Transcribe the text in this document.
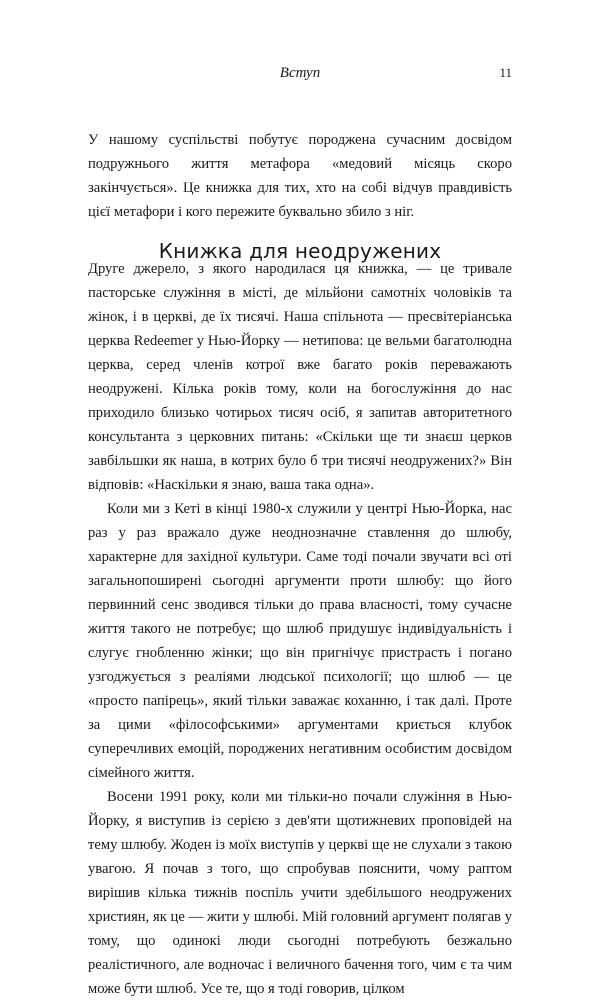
Вступ	11

У нашому суспільстві побутує породжена сучасним досвідом подружнього життя метафора «медовий місяць скоро закінчується». Це книжка для тих, хто на собі відчув правдивість цієї метафори і кого пережите буквально збило з ніг.

Книжка для неодружених

Друге джерело, з якого народилася ця книжка, — це тривале пасторське служіння в місті, де мільйони самотніх чоловіків та жінок, і в церкві, де їх тисячі. Наша спільнота — пресвітеріанська церква Redeemer у Нью-Йорку — нетипова: це вельми багатолюдна церква, серед членів котрої вже багато років переважають неодружені. Кілька років тому, коли на богослужіння до нас приходило близько чотирьох тисяч осіб, я запитав авторитетного консультанта з церковних питань: «Скільки ще ти знаєш церков завбільшки як наша, в котрих було б три тисячі неодружених?» Він відповів: «Наскільки я знаю, ваша така одна».

Коли ми з Кеті в кінці 1980-х служили у центрі Нью-Йорка, нас раз у раз вражало дуже неоднозначне ставлення до шлюбу, характерне для західної культури. Саме тоді почали звучати всі оті загальнопоширені сьогодні аргументи проти шлюбу: що його первинний сенс зводився тільки до права власності, тому сучасне життя такого не потребує; що шлюб придушує індивідуальність і слугує гнобленню жінки; що він пригнічує пристрасть і погано узгоджується з реаліями людської психології; що шлюб — це «просто папірець», який тільки заважає коханню, і так далі. Проте за цими «філософськими» аргументами криється клубок суперечливих емоцій, породжених негативним особистим досвідом сімейного життя.

Восени 1991 року, коли ми тільки-но почали служіння в Нью-Йорку, я виступив із серією з дев'яти щотижневих проповідей на тему шлюбу. Жоден із моїх виступів у церкві ще не слухали з такою увагою. Я почав з того, що спробував пояснити, чому раптом вирішив кілька тижнів поспіль учити здебільшого неодружених християн, як це — жити у шлюбі. Мій головний аргумент полягав у тому, що одинокі люди сьогодні потребують безжально реалістичного, але водночас і величного бачення того, чим є та чим може бути шлюб. Усе те, що я тоді говорив, цілком
